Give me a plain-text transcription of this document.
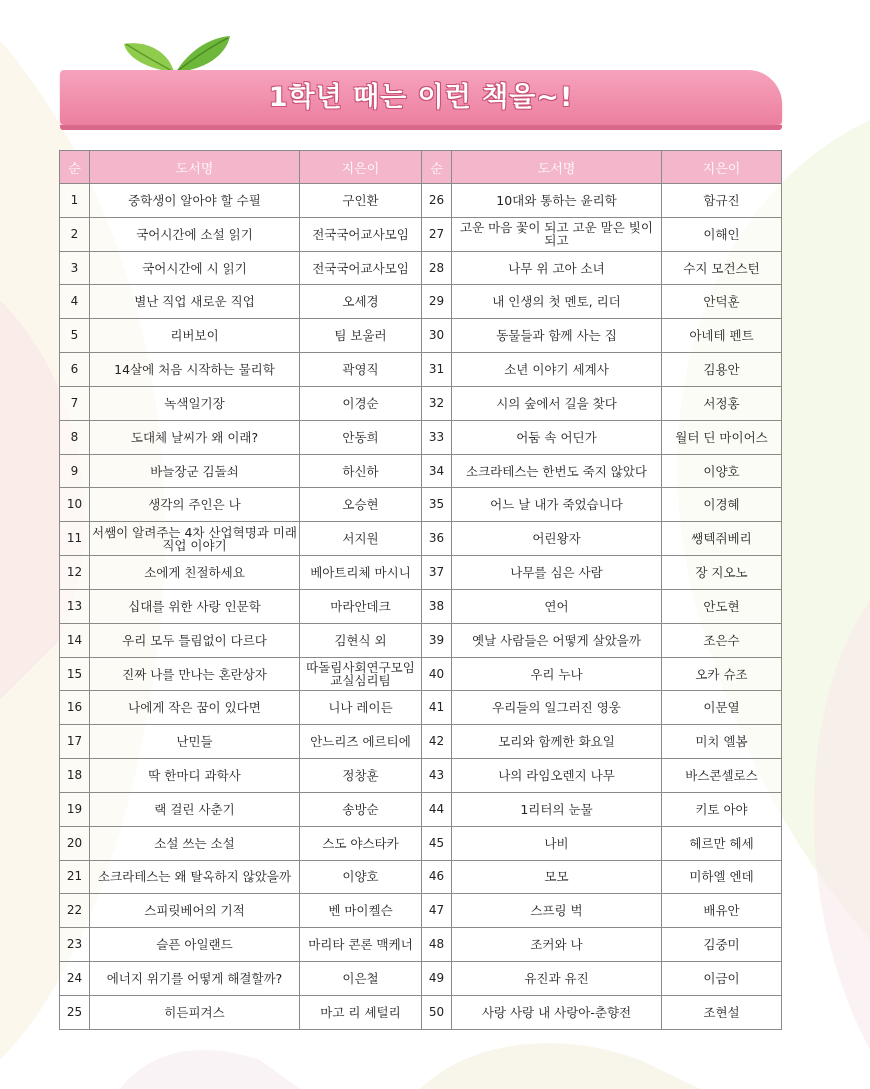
1학년 때는 이런 책을~!
순	도서명	지은이	순	도서명	지은이
1	중학생이 알아야 할 수필	구인환	26	10대와 통하는 윤리학	함규진
2	국어시간에 소설 읽기	전국국어교사모임	27	고운 마음 꽃이 되고 고운 말은 빛이 되고	이해인
3	국어시간에 시 읽기	전국국어교사모임	28	나무 위 고아 소녀	수지 모건스턴
4	별난 직업 새로운 직업	오세경	29	내 인생의 첫 멘토, 리더	안덕훈
5	리버보이	팀 보울러	30	동물들과 함께 사는 집	아네테 펜트
6	14살에 처음 시작하는 물리학	곽영직	31	소년 이야기 세계사	김용안
7	녹색일기장	이경순	32	시의 숲에서 길을 찾다	서정홍
8	도대체 날씨가 왜 이래?	안동희	33	어둠 속 어딘가	월터 딘 마이어스
9	바늘장군 김돌쇠	하신하	34	소크라테스는 한번도 죽지 않았다	이양호
10	생각의 주인은 나	오승현	35	어느 날 내가 죽었습니다	이경혜
11	서쌤이 알려주는 4차 산업혁명과 미래 직업 이야기	서지원	36	어린왕자	쌩텍쥐베리
12	소에게 친절하세요	베아트리체 마시니	37	나무를 심은 사람	장 지오노
13	십대를 위한 사랑 인문학	마라안데크	38	연어	안도현
14	우리 모두 틀림없이 다르다	김현식 외	39	옛날 사람들은 어떻게 살았을까	조은수
15	진짜 나를 만나는 혼란상자	따돌림사회연구모임 교실심리팀	40	우리 누나	오카 슈조
16	나에게 작은 꿈이 있다면	니나 레이든	41	우리들의 일그러진 영웅	이문열
17	난민들	안느리즈 에르티에	42	모리와 함께한 화요일	미치 엘봄
18	딱 한마디 과학사	정창훈	43	나의 라임오렌지 나무	바스콘셀로스
19	랙 걸린 사춘기	송방순	44	1리터의 눈물	키토 아야
20	소설 쓰는 소설	스도 야스타카	45	나비	헤르만 헤세
21	소크라테스는 왜 탈옥하지 않았을까	이양호	46	모모	미하엘 엔데
22	스피릿베어의 기적	벤 마이켈슨	47	스프링 벅	배유안
23	슬픈 아일랜드	마리타 콘론 맥케너	48	조커와 나	김중미
24	에너지 위기를 어떻게 해결할까?	이은철	49	유진과 유진	이금이
25	히든피겨스	마고 리 셰털리	50	사랑 사랑 내 사랑아-춘향전	조현설
